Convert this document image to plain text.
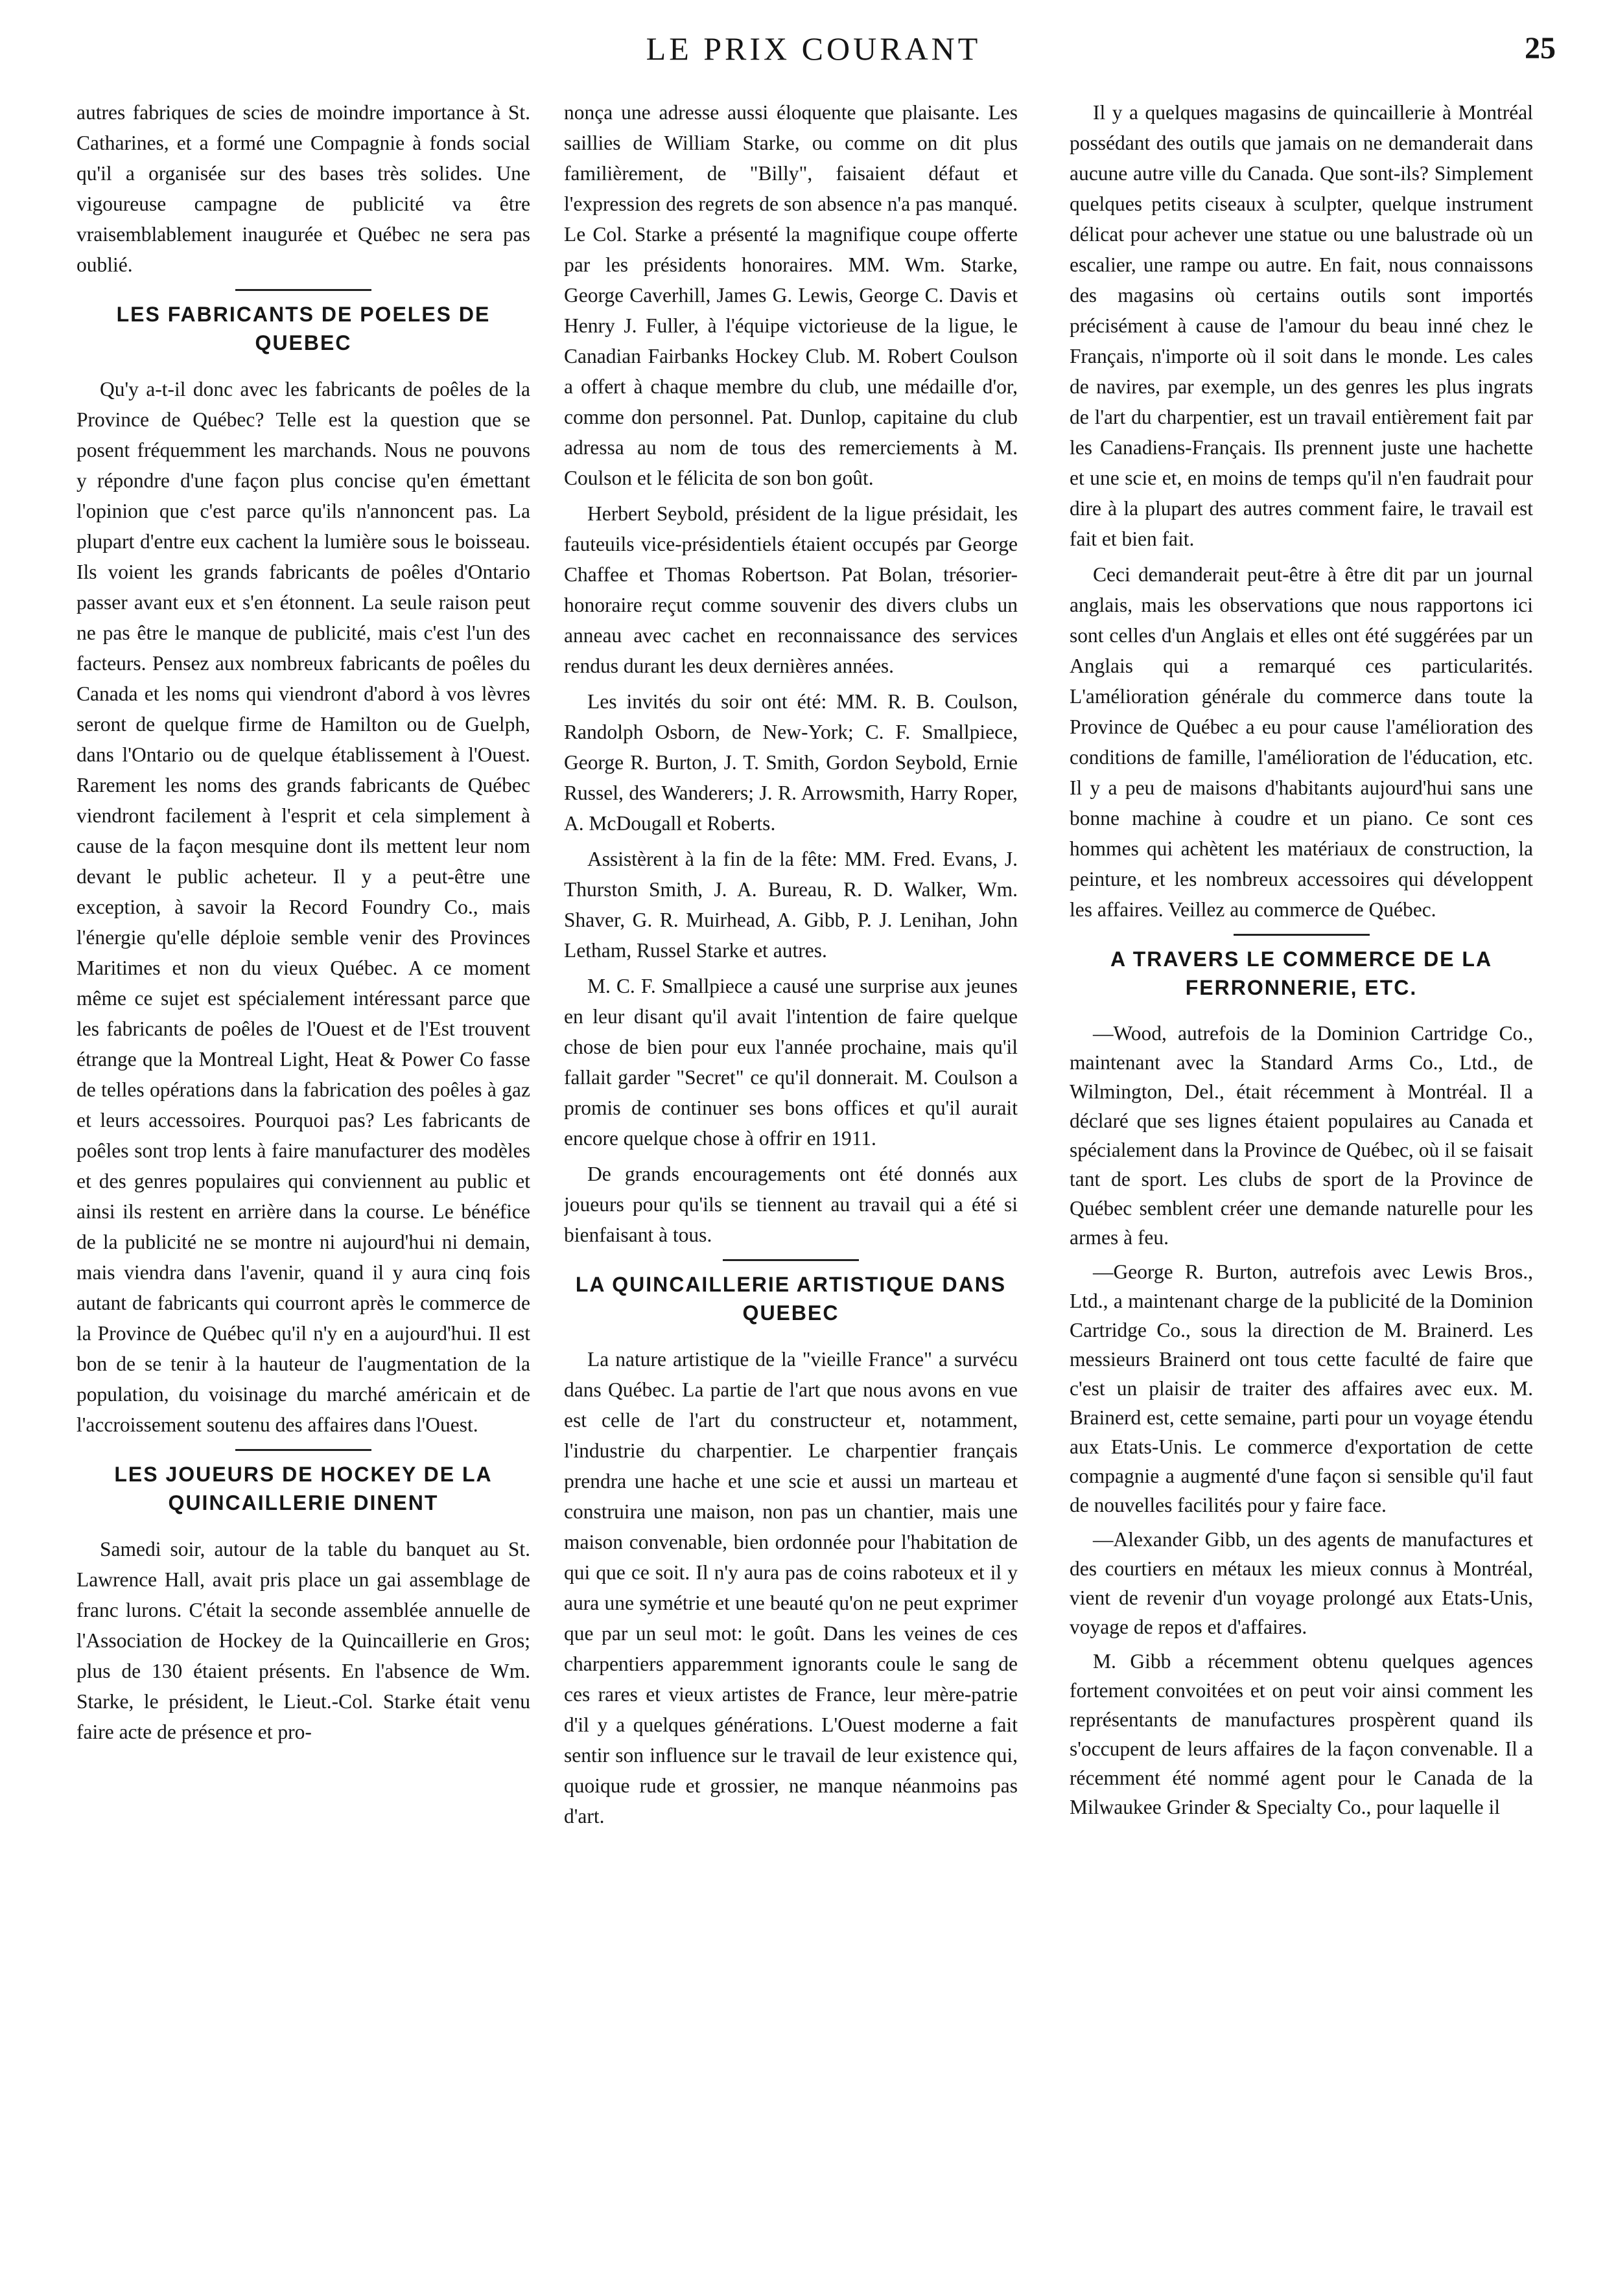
LE PRIX COURANT	25

autres fabriques de scies de moindre importance à St. Catharines, et a formé une Compagnie à fonds social qu'il a organisée sur des bases très solides. Une vigoureuse campagne de publicité va être vraisemblablement inaugurée et Québec ne sera pas oublié.

LES FABRICANTS DE POELES DE QUEBEC

Qu'y a-t-il donc avec les fabricants de poêles de la Province de Québec? Telle est la question que se posent fréquemment les marchands. Nous ne pouvons y répondre d'une façon plus concise qu'en émettant l'opinion que c'est parce qu'ils n'annoncent pas. La plupart d'entre eux cachent la lumière sous le boisseau. Ils voient les grands fabricants de poêles d'Ontario passer avant eux et s'en étonnent. La seule raison peut ne pas être le manque de publicité, mais c'est l'un des facteurs. Pensez aux nombreux fabricants de poêles du Canada et les noms qui viendront d'abord à vos lèvres seront de quelque firme de Hamilton ou de Guelph, dans l'Ontario ou de quelque établissement à l'Ouest. Rarement les noms des grands fabricants de Québec viendront facilement à l'esprit et cela simplement à cause de la façon mesquine dont ils mettent leur nom devant le public acheteur. Il y a peut-être une exception, à savoir la Record Foundry Co., mais l'énergie qu'elle déploie semble venir des Provinces Maritimes et non du vieux Québec. A ce moment même ce sujet est spécialement intéressant parce que les fabricants de poêles de l'Ouest et de l'Est trouvent étrange que la Montreal Light, Heat & Power Co fasse de telles opérations dans la fabrication des poêles à gaz et leurs accessoires. Pourquoi pas? Les fabricants de poêles sont trop lents à faire manufacturer des modèles et des genres populaires qui conviennent au public et ainsi ils restent en arrière dans la course. Le bénéfice de la publicité ne se montre ni aujourd'hui ni demain, mais viendra dans l'avenir, quand il y aura cinq fois autant de fabricants qui courront après le commerce de la Province de Québec qu'il n'y en a aujourd'hui. Il est bon de se tenir à la hauteur de l'augmentation de la population, du voisinage du marché américain et de l'accroissement soutenu des affaires dans l'Ouest.

LES JOUEURS DE HOCKEY DE LA QUINCAILLERIE DINENT

Samedi soir, autour de la table du banquet au St. Lawrence Hall, avait pris place un gai assemblage de franc lurons. C'était la seconde assemblée annuelle de l'Association de Hockey de la Quincaillerie en Gros; plus de 130 étaient présents. En l'absence de Wm. Starke, le président, le Lieut.-Col. Starke était venu faire acte de présence et pro-

nonça une adresse aussi éloquente que plaisante. Les saillies de William Starke, ou comme on dit plus familièrement, de "Billy", faisaient défaut et l'expression des regrets de son absence n'a pas manqué. Le Col. Starke a présenté la magnifique coupe offerte par les présidents honoraires. MM. Wm. Starke, George Caverhill, James G. Lewis, George C. Davis et Henry J. Fuller, à l'équipe victorieuse de la ligue, le Canadian Fairbanks Hockey Club. M. Robert Coulson a offert à chaque membre du club, une médaille d'or, comme don personnel. Pat. Dunlop, capitaine du club adressa au nom de tous des remerciements à M. Coulson et le félicita de son bon goût.

Herbert Seybold, président de la ligue présidait, les fauteuils vice-présidentiels étaient occupés par George Chaffee et Thomas Robertson. Pat Bolan, trésorier-honoraire reçut comme souvenir des divers clubs un anneau avec cachet en reconnaissance des services rendus durant les deux dernières années.

Les invités du soir ont été: MM. R. B. Coulson, Randolph Osborn, de New-York; C. F. Smallpiece, George R. Burton, J. T. Smith, Gordon Seybold, Ernie Russel, des Wanderers; J. R. Arrowsmith, Harry Roper, A. McDougall et Roberts.

Assistèrent à la fin de la fête: MM. Fred. Evans, J. Thurston Smith, J. A. Bureau, R. D. Walker, Wm. Shaver, G. R. Muirhead, A. Gibb, P. J. Lenihan, John Letham, Russel Starke et autres.

M. C. F. Smallpiece a causé une surprise aux jeunes en leur disant qu'il avait l'intention de faire quelque chose de bien pour eux l'année prochaine, mais qu'il fallait garder "Secret" ce qu'il donnerait. M. Coulson a promis de continuer ses bons offices et qu'il aurait encore quelque chose à offrir en 1911.

De grands encouragements ont été donnés aux joueurs pour qu'ils se tiennent au travail qui a été si bienfaisant à tous.

LA QUINCAILLERIE ARTISTIQUE DANS QUEBEC

La nature artistique de la "vieille France" a survécu dans Québec. La partie de l'art que nous avons en vue est celle de l'art du constructeur et, notamment, l'industrie du charpentier. Le charpentier français prendra une hache et une scie et aussi un marteau et construira une maison, non pas un chantier, mais une maison convenable, bien ordonnée pour l'habitation de qui que ce soit. Il n'y aura pas de coins raboteux et il y aura une symétrie et une beauté qu'on ne peut exprimer que par un seul mot: le goût. Dans les veines de ces charpentiers apparemment ignorants coule le sang de ces rares et vieux artistes de France, leur mère-patrie d'il y a quelques générations. L'Ouest moderne a fait sentir son influence sur le travail de leur existence qui, quoique rude et grossier, ne manque néanmoins pas d'art.

Il y a quelques magasins de quincaillerie à Montréal possédant des outils que jamais on ne demanderait dans aucune autre ville du Canada. Que sont-ils? Simplement quelques petits ciseaux à sculpter, quelque instrument délicat pour achever une statue ou une balustrade où un escalier, une rampe ou autre. En fait, nous connaissons des magasins où certains outils sont importés précisément à cause de l'amour du beau inné chez le Français, n'importe où il soit dans le monde. Les cales de navires, par exemple, un des genres les plus ingrats de l'art du charpentier, est un travail entièrement fait par les Canadiens-Français. Ils prennent juste une hachette et une scie et, en moins de temps qu'il n'en faudrait pour dire à la plupart des autres comment faire, le travail est fait et bien fait.

Ceci demanderait peut-être à être dit par un journal anglais, mais les observations que nous rapportons ici sont celles d'un Anglais et elles ont été suggérées par un Anglais qui a remarqué ces particularités. L'amélioration générale du commerce dans toute la Province de Québec a eu pour cause l'amélioration des conditions de famille, l'amélioration de l'éducation, etc. Il y a peu de maisons d'habitants aujourd'hui sans une bonne machine à coudre et un piano. Ce sont ces hommes qui achètent les matériaux de construction, la peinture, et les nombreux accessoires qui développent les affaires. Veillez au commerce de Québec.

A TRAVERS LE COMMERCE DE LA FERRONNERIE, ETC.

—Wood, autrefois de la Dominion Cartridge Co., maintenant avec la Standard Arms Co., Ltd., de Wilmington, Del., était récemment à Montréal. Il a déclaré que ses lignes étaient populaires au Canada et spécialement dans la Province de Québec, où il se faisait tant de sport. Les clubs de sport de la Province de Québec semblent créer une demande naturelle pour les armes à feu.

—George R. Burton, autrefois avec Lewis Bros., Ltd., a maintenant charge de la publicité de la Dominion Cartridge Co., sous la direction de M. Brainerd. Les messieurs Brainerd ont tous cette faculté de faire que c'est un plaisir de traiter des affaires avec eux. M. Brainerd est, cette semaine, parti pour un voyage étendu aux Etats-Unis. Le commerce d'exportation de cette compagnie a augmenté d'une façon si sensible qu'il faut de nouvelles facilités pour y faire face.

—Alexander Gibb, un des agents de manufactures et des courtiers en métaux les mieux connus à Montréal, vient de revenir d'un voyage prolongé aux Etats-Unis, voyage de repos et d'affaires.

M. Gibb a récemment obtenu quelques agences fortement convoitées et on peut voir ainsi comment les représentants de manufactures prospèrent quand ils s'occupent de leurs affaires de la façon convenable. Il a récemment été nommé agent pour le Canada de la Milwaukee Grinder & Specialty Co., pour laquelle il
